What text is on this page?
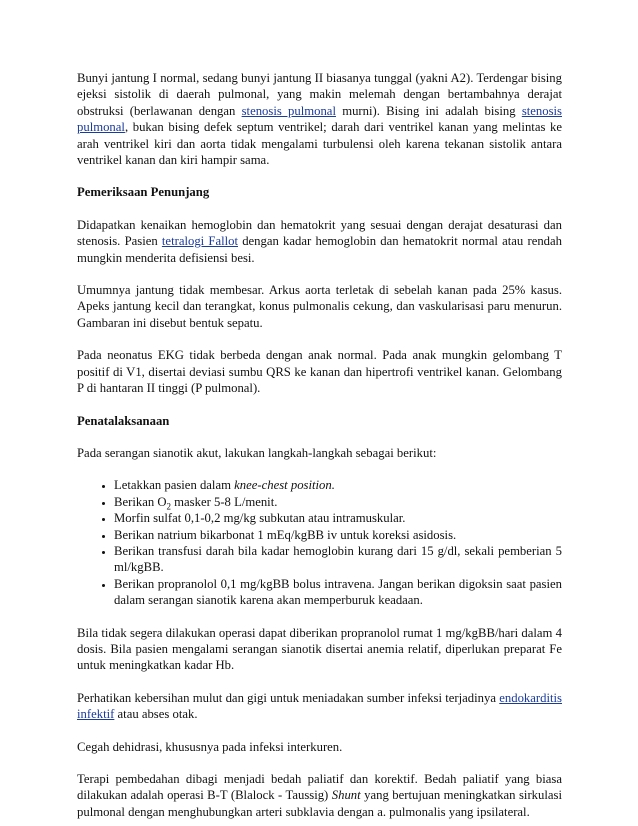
Bunyi jantung I normal, sedang bunyi jantung II biasanya tunggal (yakni A2). Terdengar bising ejeksi sistolik di daerah pulmonal, yang makin melemah dengan bertambahnya derajat obstruksi (berlawanan dengan stenosis pulmonal murni). Bising ini adalah bising stenosis pulmonal, bukan bising defek septum ventrikel; darah dari ventrikel kanan yang melintas ke arah ventrikel kiri dan aorta tidak mengalami turbulensi oleh karena tekanan sistolik antara ventrikel kanan dan kiri hampir sama.

Pemeriksaan Penunjang

Didapatkan kenaikan hemoglobin dan hematokrit yang sesuai dengan derajat desaturasi dan stenosis. Pasien tetralogi Fallot dengan kadar hemoglobin dan hematokrit normal atau rendah mungkin menderita defisiensi besi.

Umumnya jantung tidak membesar. Arkus aorta terletak di sebelah kanan pada 25% kasus. Apeks jantung kecil dan terangkat, konus pulmonalis cekung, dan vaskularisasi paru menurun. Gambaran ini disebut bentuk sepatu.

Pada neonatus EKG tidak berbeda dengan anak normal. Pada anak mungkin gelombang T positif di V1, disertai deviasi sumbu QRS ke kanan dan hipertrofi ventrikel kanan. Gelombang P di hantaran II tinggi (P pulmonal).

Penatalaksanaan

Pada serangan sianotik akut, lakukan langkah-langkah sebagai berikut:

• Letakkan pasien dalam knee-chest position.
• Berikan $O_2$ masker 5-8 L/menit.
• Morfin sulfat 0,1-0,2 mg/kg subkutan atau intramuskular.
• Berikan natrium bikarbonat 1 mEq/kgBB iv untuk koreksi asidosis.
• Berikan transfusi darah bila kadar hemoglobin kurang dari 15 g/dl, sekali pemberian 5 ml/kgBB.
• Berikan propranolol 0,1 mg/kgBB bolus intravena. Jangan berikan digoksin saat pasien dalam serangan sianotik karena akan memperburuk keadaan.

Bila tidak segera dilakukan operasi dapat diberikan propranolol rumat 1 mg/kgBB/hari dalam 4 dosis. Bila pasien mengalami serangan sianotik disertai anemia relatif, diperlukan preparat Fe untuk meningkatkan kadar Hb.

Perhatikan kebersihan mulut dan gigi untuk meniadakan sumber infeksi terjadinya endokarditis infektif atau abses otak.

Cegah dehidrasi, khususnya pada infeksi interkuren.

Terapi pembedahan dibagi menjadi bedah paliatif dan korektif. Bedah paliatif yang biasa dilakukan adalah operasi B-T (Blalock - Taussig) Shunt yang bertujuan meningkatkan sirkulasi pulmonal dengan menghubungkan arteri subklavia dengan a. pulmonalis yang ipsilateral.
